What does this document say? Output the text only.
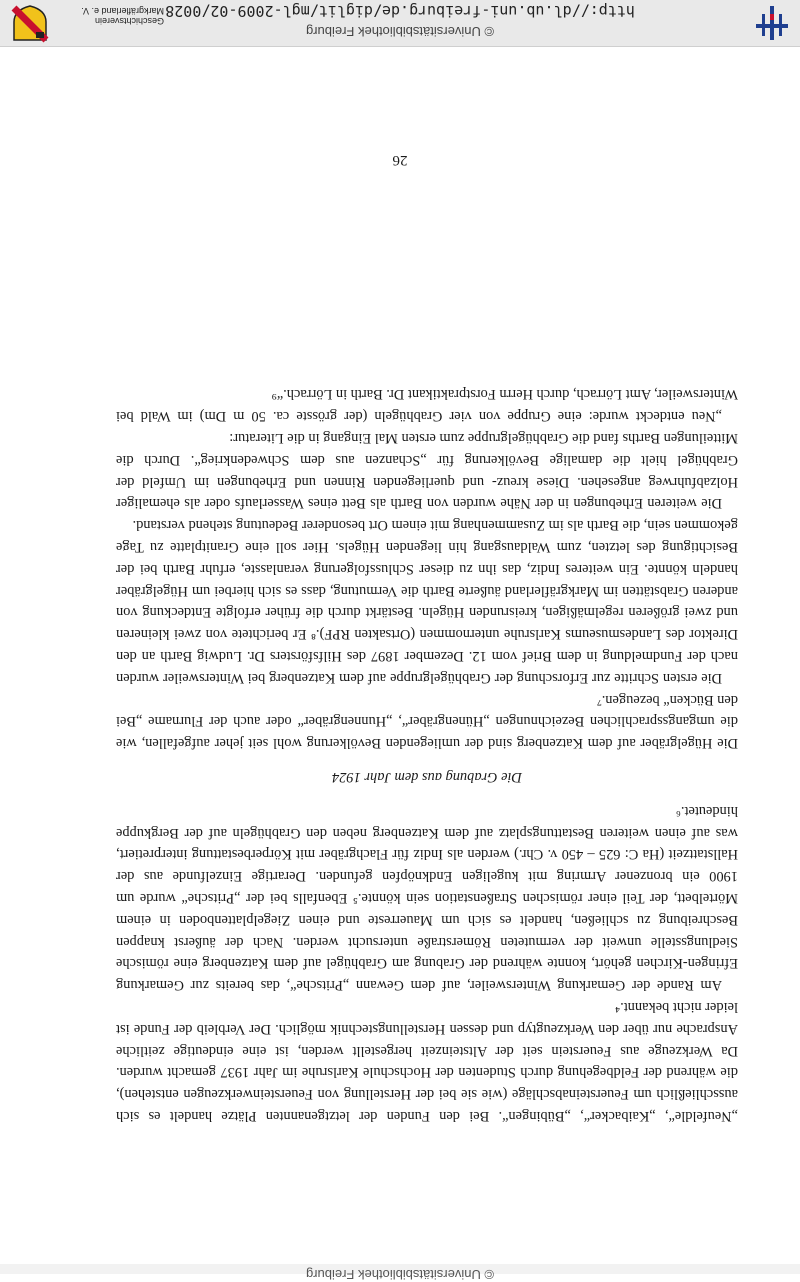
© Universitätsbibliothek Freiburg

„Neufeldle“, „Kaibacker“, „Bübingen“. Bei den Funden der letztgenannten Plätze handelt es sich ausschließlich um Feuersteinabschläge (wie sie bei der Herstellung von Feuersteinwerkzeugen entstehen), die während der Feldbegehung durch Studenten der Hochschule Karlsruhe im Jahr 1937 gemacht wurden. Da Werkzeuge aus Feuerstein seit der Altsteinzeit hergestellt werden, ist eine eindeutige zeitliche Ansprache nur über den Werkzeugtyp und dessen Herstellungstechnik möglich. Der Verbleib der Funde ist leider nicht bekannt.⁴

Am Rande der Gemarkung Wintersweiler, auf dem Gewann „Pritsche“, das bereits zur Gemarkung Efringen-Kirchen gehört, konnte während der Grabung am Grabhügel auf dem Katzenberg eine römische Siedlungsstelle unweit der vermuteten Römerstraße untersucht werden. Nach der äußerst knappen Beschreibung zu schließen, handelt es sich um Mauerreste und einen Ziegelplattenboden in einem Mörtelbett, der Teil einer römischen Straßenstation sein könnte.⁵ Ebenfalls bei der „Pritsche“ wurde um 1900 ein bronzener Armring mit kugeligen Endknöpfen gefunden. Derartige Einzelfunde aus der Hallstattzeit (Ha C: 625 – 450 v. Chr.) werden als Indiz für Flachgräber mit Körperbestattung interpretiert, was auf einen weiteren Bestattungsplatz auf dem Katzenberg neben den Grabhügeln auf der Bergkuppe hindeutet.⁶

Die Grabung aus dem Jahr 1924

Die Hügelgräber auf dem Katzenberg sind der umliegenden Bevölkerung wohl seit jeher aufgefallen, wie die umgangssprachlichen Bezeichnungen „Hünengräber“, „Hunnengräber“ oder auch der Flurname „Bei den Bücken“ bezeugen.⁷

Die ersten Schritte zur Erforschung der Grabhügelgruppe auf dem Katzenberg bei Wintersweiler wurden nach der Fundmeldung in dem Brief vom 12. Dezember 1897 des Hilfsförsters Dr. Ludwig Barth an den Direktor des Landesmuseums Karlsruhe unternommen (Ortsakten RPF).⁸ Er berichtete von zwei kleineren und zwei größeren regelmäßigen, kreisrunden Hügeln. Bestärkt durch die früher erfolgte Entdeckung von anderen Grabstätten im Markgräflerland äußerte Barth die Vermutung, dass es sich hierbei um Hügelgräber handeln könnte. Ein weiteres Indiz, das ihn zu dieser Schlussfolgerung veranlasste, erfuhr Barth bei der Besichtigung des letzten, zum Waldausgang hin liegenden Hügels. Hier soll eine Granitplatte zu Tage gekommen sein, die Barth als im Zusammenhang mit einem Ort besonderer Bedeutung stehend verstand.

Die weiteren Erhebungen in der Nähe wurden von Barth als Bett eines Wasserlaufs oder als ehemaliger Holzabfuhrweg angesehen. Diese kreuz- und querliegenden Rinnen und Erhebungen im Umfeld der Grabhügel hielt die damalige Bevölkerung für „Schanzen aus dem Schwedenkrieg“. Durch die Mitteilungen Barths fand die Grabhügelgruppe zum ersten Mal Eingang in die Literatur:

„Neu entdeckt wurde: eine Gruppe von vier Grabhügeln (der grösste ca. 50 m Dm) im Wald bei Wintersweiler, Amt Lörrach, durch Herrn Forstpraktikant Dr. Barth in Lörrach.“⁹

26
© Universitätsbibliothek Freiburg
http://dl.ub.uni-freiburg.de/diglit/mgl-2009-02/0028
Geschichtsverein
Markgräflerland e. V.
